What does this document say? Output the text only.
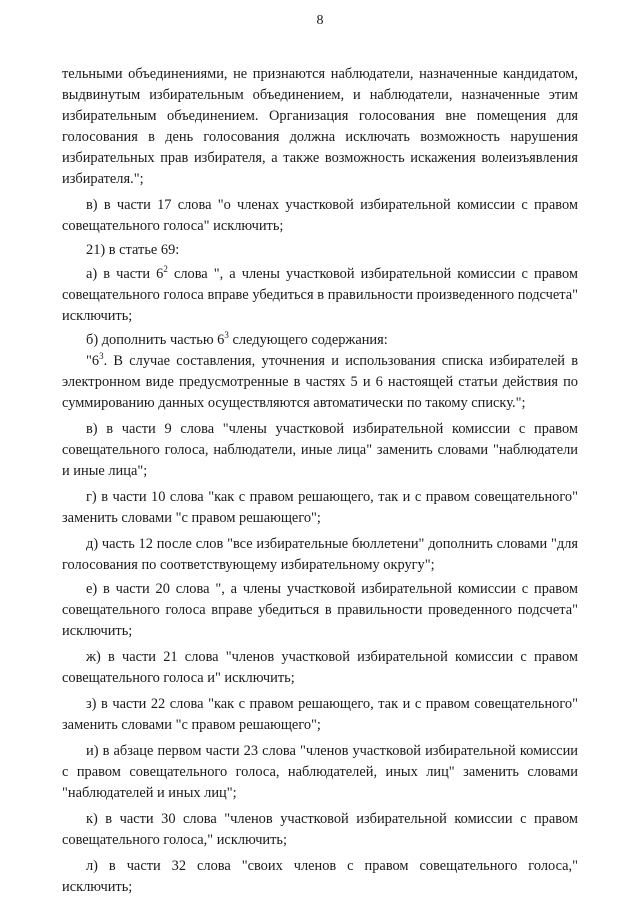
8

тельными объединениями, не признаются наблюдатели, назначенные кандидатом, выдвинутым избирательным объединением, и наблюдатели, назначенные этим избирательным объединением. Организация голосования вне помещения для голосования в день голосования должна исключать возможность нарушения избирательных прав избирателя, а также возможность искажения волеизъявления избирателя.";

в) в части 17 слова "о членах участковой избирательной комиссии с правом совещательного голоса" исключить;

21) в статье 69:

а) в части $6^2$ слова ", а члены участковой избирательной комиссии с правом совещательного голоса вправе убедиться в правильности произведенного подсчета" исключить;

б) дополнить частью $6^3$ следующего содержания:

"$6^3$. В случае составления, уточнения и использования списка избирателей в электронном виде предусмотренные в частях 5 и 6 настоящей статьи действия по суммированию данных осуществляются автоматически по такому списку.";

в) в части 9 слова "члены участковой избирательной комиссии с правом совещательного голоса, наблюдатели, иные лица" заменить словами "наблюдатели и иные лица";

г) в части 10 слова "как с правом решающего, так и с правом совещательного" заменить словами "с правом решающего";

д) часть 12 после слов "все избирательные бюллетени" дополнить словами "для голосования по соответствующему избирательному округу";

е) в части 20 слова ", а члены участковой избирательной комиссии с правом совещательного голоса вправе убедиться в правильности проведенного подсчета" исключить;

ж) в части 21 слова "членов участковой избирательной комиссии с правом совещательного голоса и" исключить;

з) в части 22 слова "как с правом решающего, так и с правом совещательного" заменить словами "с правом решающего";

и) в абзаце первом части 23 слова "членов участковой избирательной комиссии с правом совещательного голоса, наблюдателей, иных лиц" заменить словами "наблюдателей и иных лиц";

к) в части 30 слова "членов участковой избирательной комиссии с правом совещательного голоса," исключить;

л) в части 32 слова "своих членов с правом совещательного голоса," исключить;
